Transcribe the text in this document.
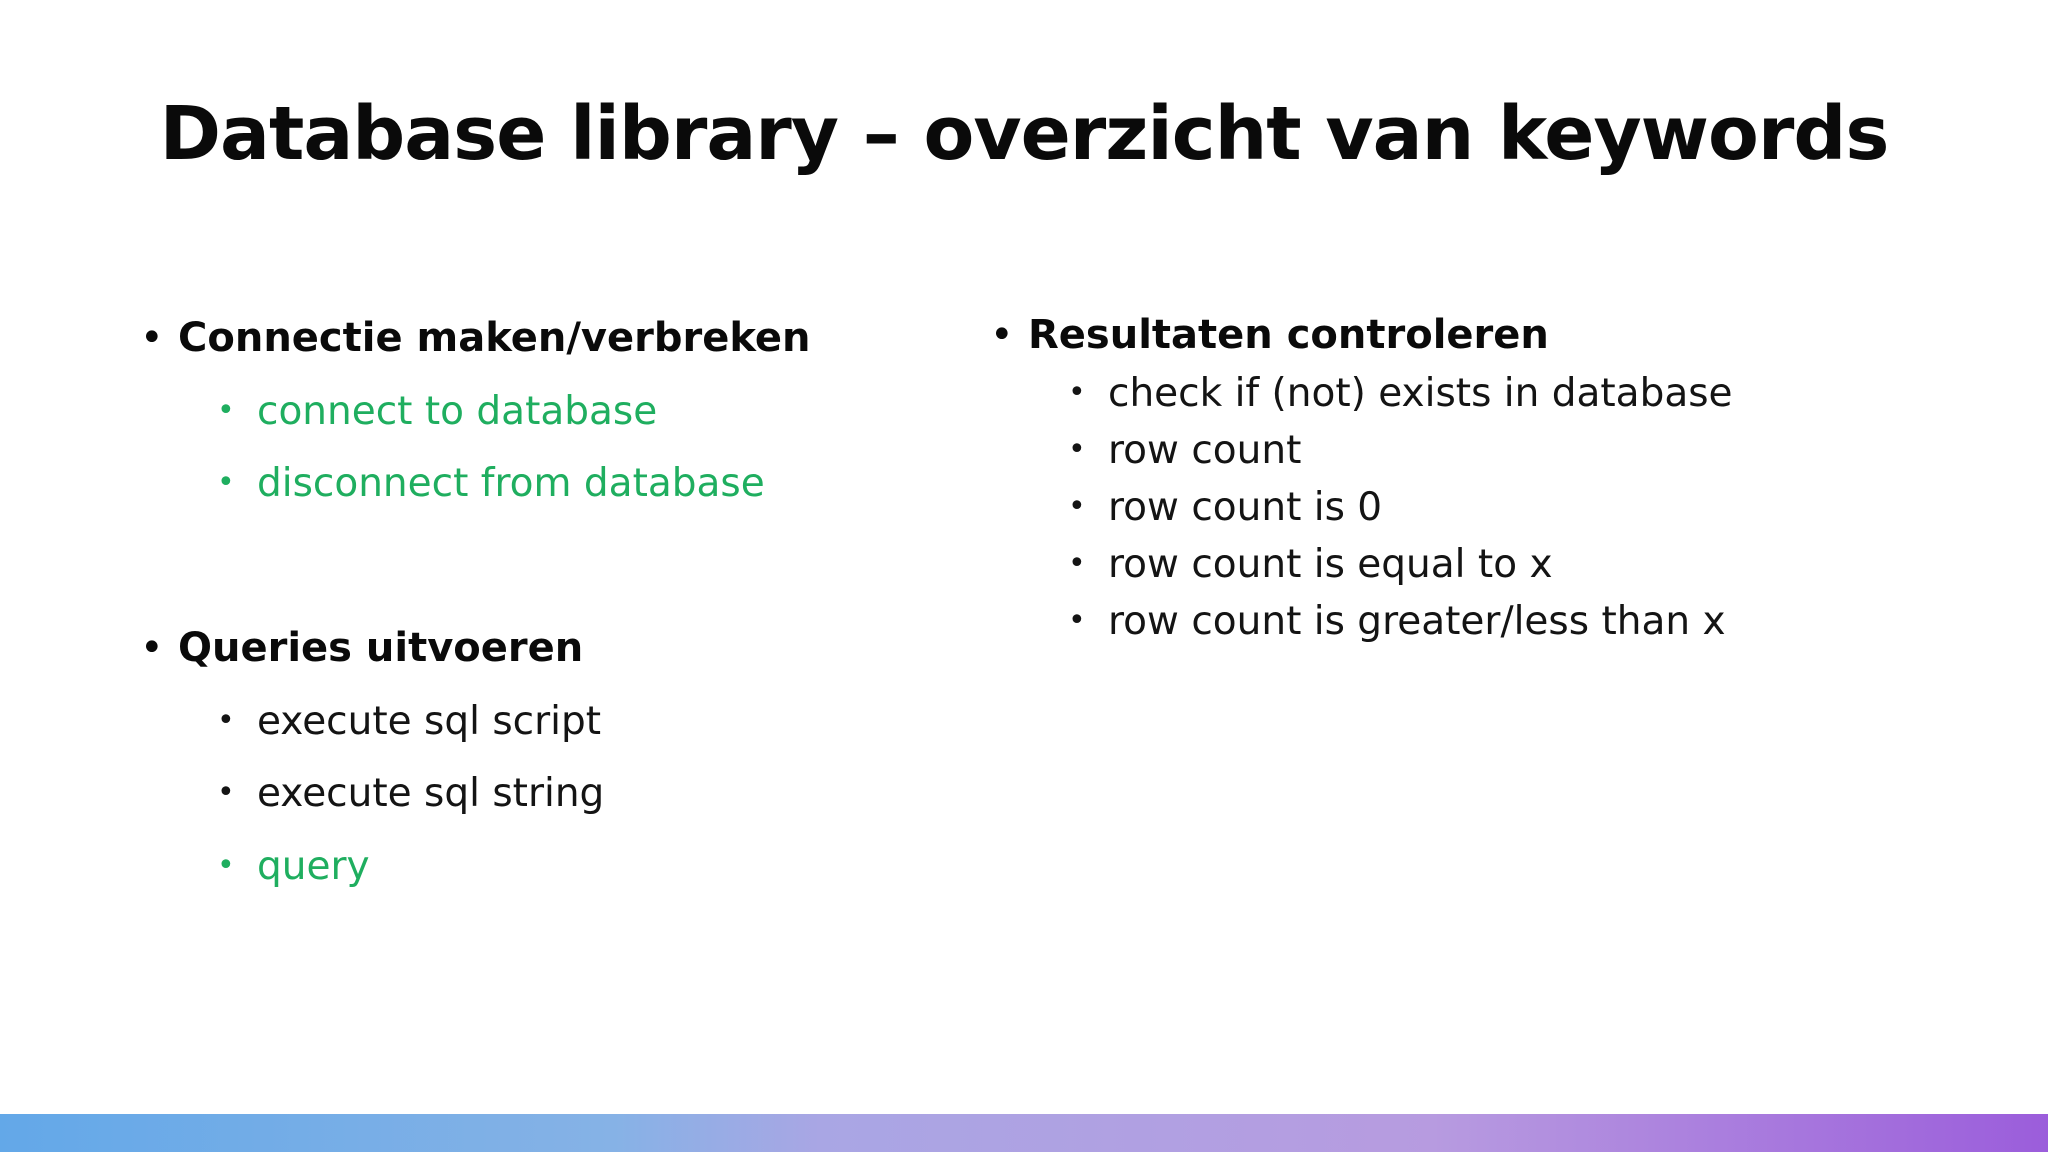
Database library – overzicht van keywords
• Connectie maken/verbreken
• connect to database
• disconnect from database
• Queries uitvoeren
• execute sql script
• execute sql string
• query
• Resultaten controleren
• check if (not) exists in database
• row count
• row count is 0
• row count is equal to x
• row count is greater/less than x
